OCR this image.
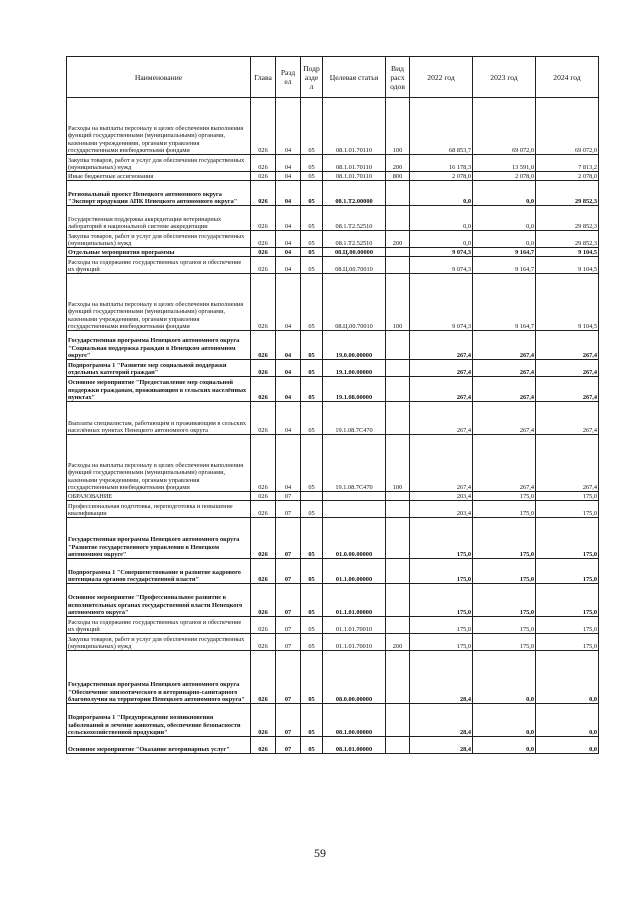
Наименование	Глава	Разд ел	Подр азде л	Целевая статья	Вид расх одов	2022 год	2023 год	2024 год
Расходы на выплаты персоналу в целях обеспечения выполнения функций государственными (муниципальными) органами, казенными учреждениями, органами управления государственными внебюджетными фондами	026	04	05	08.1.01.70110	100	68 853,7	69 072,0	69 072,0
Закупка товаров, работ и услуг для обеспечения государственных (муниципальных) нужд	026	04	05	08.1.01.70110	200	16 178,3	13 591,0	7 813,2
Иные бюджетные ассигнования	026	04	05	08.1.01.70110	800	2 078,0	2 078,0	2 078,0
Региональный проект Ненецкого автономного округа "Экспорт продукции АПК Ненецкого автономного округа"	026	04	05	08.1.Т2.00000		0,0	0,0	29 852,3
Государственная поддержка аккредитации ветеринарных лабораторий в национальной системе аккредитации	026	04	05	08.1.Т2.52510		0,0	0,0	29 852,3
Закупка товаров, работ и услуг для обеспечения государственных (муниципальных) нужд	026	04	05	08.1.Т2.52510	200	0,0	0,0	29 852,3
Отдельные мероприятия программы	026	04	05	08.Ц.00.00000		9 074,3	9 164,7	9 104,5
Расходы на содержание государственных органов и обеспечение их функций	026	04	05	08.Ц.00.70010		9 074,3	9 164,7	9 104,5
Расходы на выплаты персоналу в целях обеспечения выполнения функций государственными (муниципальными) органами, казенными учреждениями, органами управления государственными внебюджетными фондами	026	04	05	08.Ц.00.70010	100	9 074,3	9 164,7	9 104,5
Государственная программа Ненецкого автономного округа "Социальная поддержка граждан в Ненецком автономном округе"	026	04	05	19.0.00.00000		267,4	267,4	267,4
Подпрограмма 1 "Развитие мер социальной поддержки отдельных категорий граждан"	026	04	05	19.1.00.00000		267,4	267,4	267,4
Основное мероприятие "Предоставление мер социальной поддержки гражданам, проживающим в сельских населённых пунктах"	026	04	05	19.1.08.00000		267,4	267,4	267,4
Выплаты специалистам, работающим и проживающим в сельских населённых пунктах Ненецкого автономного округа	026	04	05	19.1.08.7С470		267,4	267,4	267,4
Расходы на выплаты персоналу в целях обеспечения выполнения функций государственными (муниципальными) органами, казенными учреждениями, органами управления государственными внебюджетными фондами	026	04	05	19.1.08.7С470	100	267,4	267,4	267,4
ОБРАЗОВАНИЕ	026	07				203,4	175,0	175,0
Профессиональная подготовка, переподготовка и повышение квалификации	026	07	05			203,4	175,0	175,0
Государственная программа Ненецкого автономного округа "Развитие государственного управления в Ненецком автономном округе"	026	07	05	01.0.00.00000		175,0	175,0	175,0
Подпрограмма 1 "Совершенствование и развитие кадрового потенциала органов государственной власти"	026	07	05	01.1.00.00000		175,0	175,0	175,0
Основное мероприятие "Профессиональное развитие в исполнительных органах государственной власти Ненецкого автономного округа"	026	07	05	01.1.01.00000		175,0	175,0	175,0
Расходы на содержание государственных органов и обеспечение их функций	026	07	05	01.1.01.70010		175,0	175,0	175,0
Закупка товаров, работ и услуг для обеспечения государственных (муниципальных) нужд	026	07	05	01.1.01.70010	200	175,0	175,0	175,0
Государственная программа Ненецкого автономного округа "Обеспечение эпизоотического и ветеринарно-санитарного благополучия на территории Ненецкого автономного округа"	026	07	05	08.0.00.00000		28,4	0,0	0,0
Подпрограмма 1 "Предупреждение возникновения заболеваний и лечение животных, обеспечение безопасности сельскохозяйственной продукции"	026	07	05	08.1.00.00000		28,4	0,0	0,0
Основное мероприятие "Оказание ветеринарных услуг"	026	07	05	08.1.01.00000		28,4	0,0	0,0
59
